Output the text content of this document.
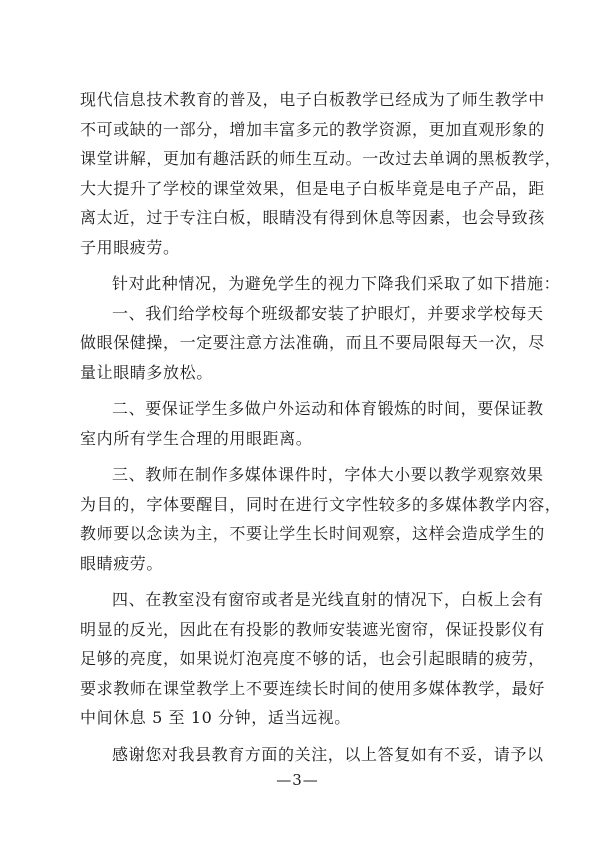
现代信息技术教育的普及，电子白板教学已经成为了师生教学中
不可或缺的一部分，增加丰富多元的教学资源，更加直观形象的
课堂讲解，更加有趣活跃的师生互动。一改过去单调的黑板教学，
大大提升了学校的课堂效果，但是电子白板毕竟是电子产品，距
离太近，过于专注白板，眼睛没有得到休息等因素，也会导致孩
子用眼疲劳。
针对此种情况，为避免学生的视力下降我们采取了如下措施：
一、我们给学校每个班级都安装了护眼灯，并要求学校每天
做眼保健操，一定要注意方法准确，而且不要局限每天一次，尽
量让眼睛多放松。
二、要保证学生多做户外运动和体育锻炼的时间，要保证教
室内所有学生合理的用眼距离。
三、教师在制作多媒体课件时，字体大小要以教学观察效果
为目的，字体要醒目，同时在进行文字性较多的多媒体教学内容，
教师要以念读为主，不要让学生长时间观察，这样会造成学生的
眼睛疲劳。
四、在教室没有窗帘或者是光线直射的情况下，白板上会有
明显的反光，因此在有投影的教师安装遮光窗帘，保证投影仪有
足够的亮度，如果说灯泡亮度不够的话，也会引起眼睛的疲劳，
要求教师在课堂教学上不要连续长时间的使用多媒体教学，最好
中间休息 5 至 10 分钟，适当远视。
感谢您对我县教育方面的关注，以上答复如有不妥，请予以
—3—
